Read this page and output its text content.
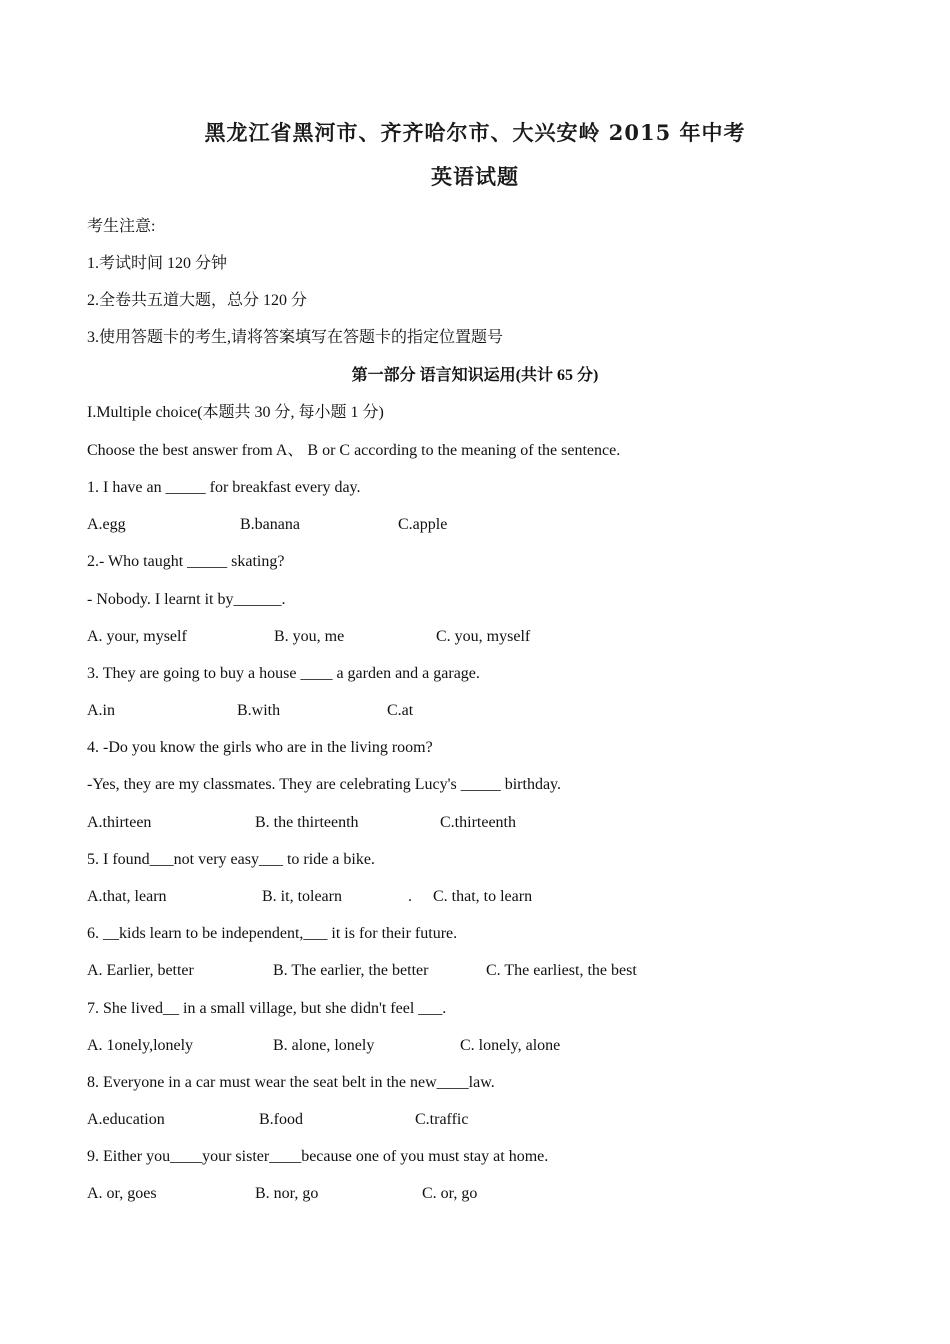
黑龙江省黑河市、齐齐哈尔市、大兴安岭 2015 年中考
英语试题
考生注意:
1.考试时间 120 分钟
2.全卷共五道大题，总分 120 分
3.使用答题卡的考生,请将答案填写在答题卡的指定位置题号
第一部分 语言知识运用(共计 65 分)
I.Multiple choice(本题共 30 分, 每小题 1 分)
Choose the best answer from A、 B or C according to the meaning of the sentence.
1. I have an _____ for breakfast every day.
A.egg	B.banana	C.apple
2.- Who taught _____ skating?
- Nobody. I learnt it by______.
A. your, myself	B. you, me	C. you, myself
3. They are going to buy a house ____ a garden and a garage.
A.in	B.with	C.at
4. -Do you know the girls who are in the living room?
-Yes, they are my classmates. They are celebrating Lucy's _____ birthday.
A.thirteen	B. the thirteenth	C.thirteenth
5. I found___not very easy___ to ride a bike.
A.that, learn	B. it, tolearn	. C. that, to learn
6. __kids learn to be independent,___ it is for their future.
A. Earlier, better	B. The earlier, the better	C. The earliest, the best
7. She lived__ in a small village, but she didn't feel ___.
A. 1onely,lonely	B. alone, lonely	C. lonely, alone
8. Everyone in a car must wear the seat belt in the new____law.
A.education	B.food	C.traffic
9. Either you____your sister____because one of you must stay at home.
A. or, goes	B. nor, go	C. or, go
